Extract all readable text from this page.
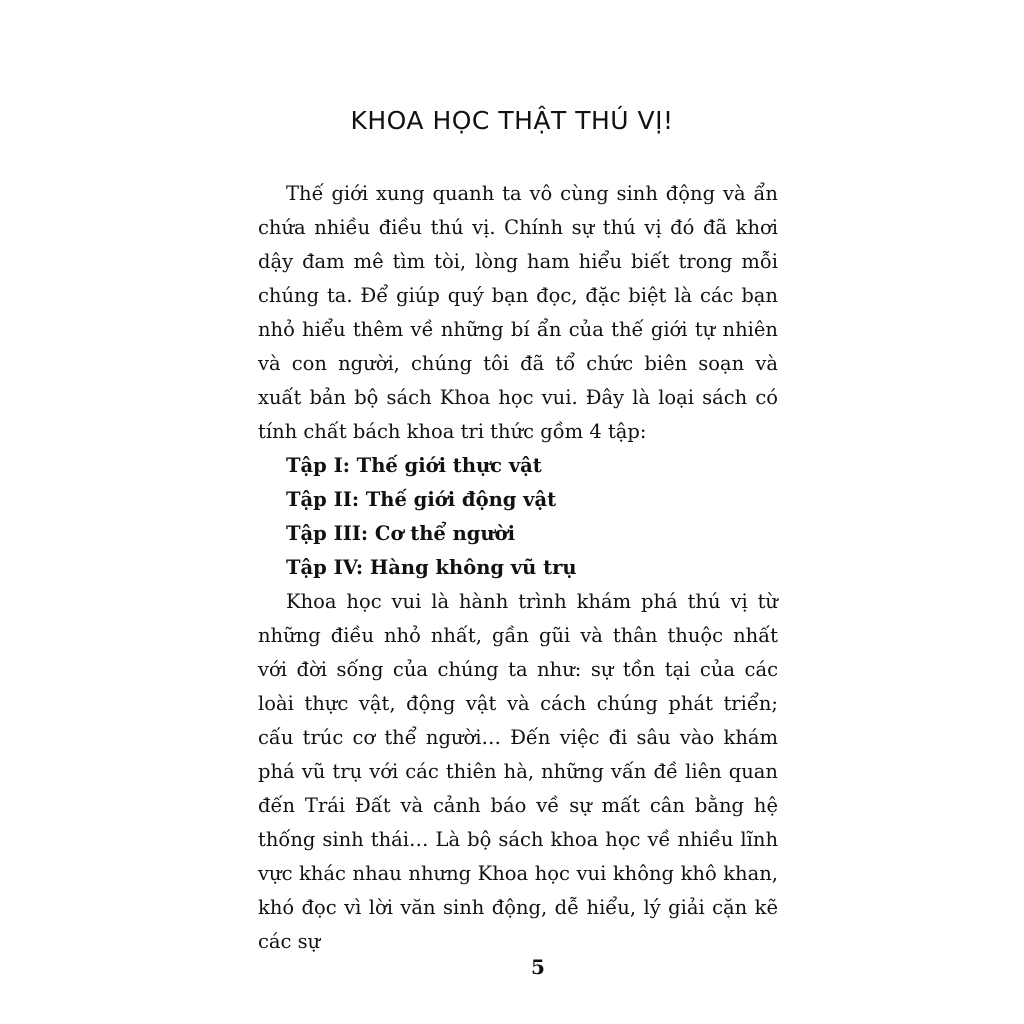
KHOA HỌC THẬT THÚ VỊ!

Thế giới xung quanh ta vô cùng sinh động và ẩn chứa nhiều điều thú vị. Chính sự thú vị đó đã khơi dậy đam mê tìm tòi, lòng ham hiểu biết trong mỗi chúng ta. Để giúp quý bạn đọc, đặc biệt là các bạn nhỏ hiểu thêm về những bí ẩn của thế giới tự nhiên và con người, chúng tôi đã tổ chức biên soạn và xuất bản bộ sách Khoa học vui. Đây là loại sách có tính chất bách khoa tri thức gồm 4 tập:

Tập I: Thế giới thực vật
Tập II: Thế giới động vật
Tập III: Cơ thể người
Tập IV: Hàng không vũ trụ

Khoa học vui là hành trình khám phá thú vị từ những điều nhỏ nhất, gần gũi và thân thuộc nhất với đời sống của chúng ta như: sự tồn tại của các loài thực vật, động vật và cách chúng phát triển; cấu trúc cơ thể người… Đến việc đi sâu vào khám phá vũ trụ với các thiên hà, những vấn đề liên quan đến Trái Đất và cảnh báo về sự mất cân bằng hệ thống sinh thái… Là bộ sách khoa học về nhiều lĩnh vực khác nhau nhưng Khoa học vui không khô khan, khó đọc vì lời văn sinh động, dễ hiểu, lý giải cặn kẽ các sự

5
